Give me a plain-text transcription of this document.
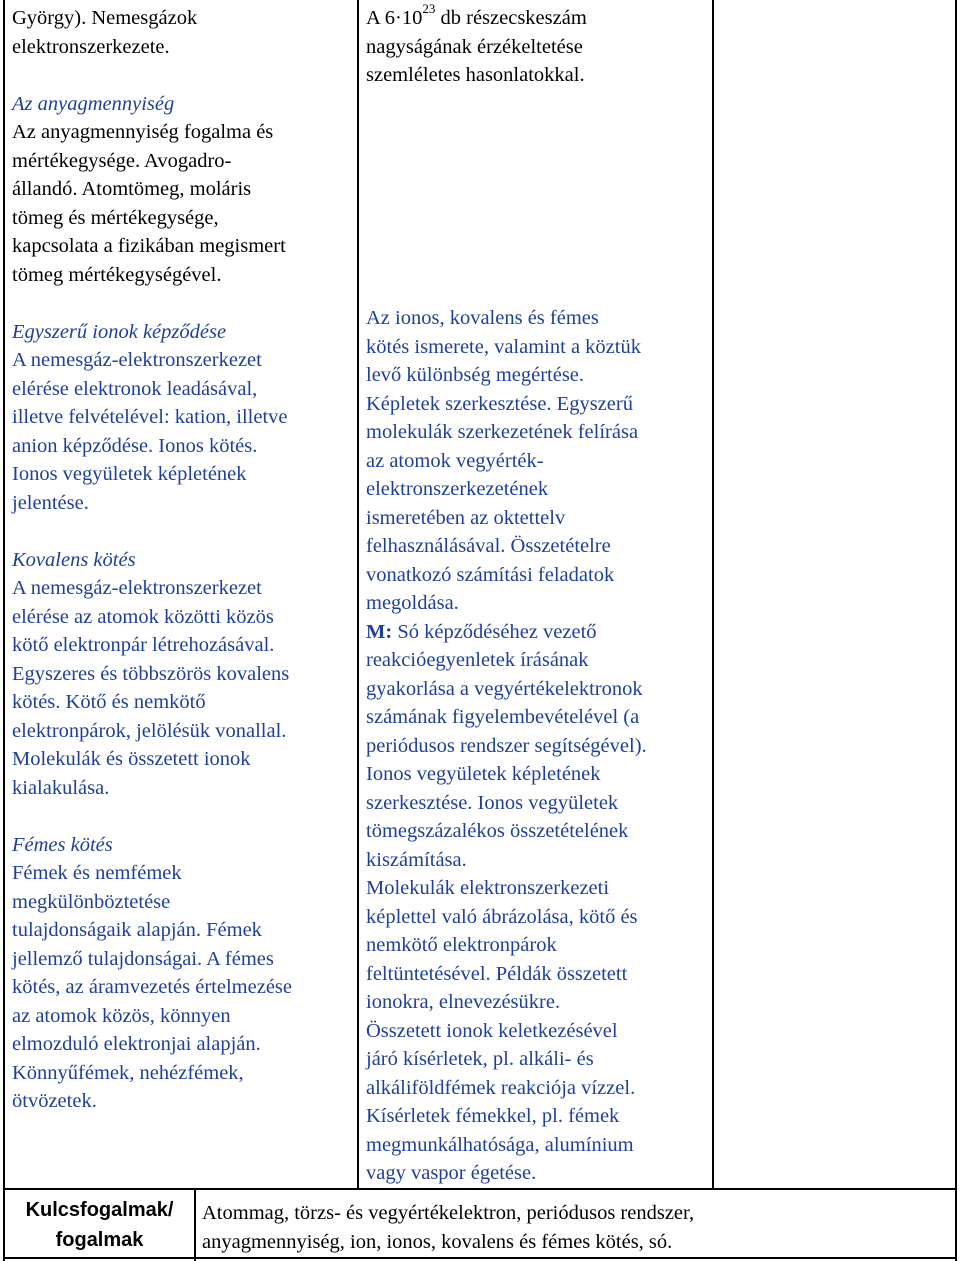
György). Nemesgázok

elektronszerkezete.

Az anyagmennyiség

Az anyagmennyiség fogalma és

mértékegysége. Avogadro-

állandó. Atomtömeg, moláris

tömeg és mértékegysége,

kapcsolata a fizikában megismert

tömeg mértékegységével.

Egyszerű ionok képződése

A nemesgáz-elektronszerkezet

elérése elektronok leadásával,

illetve felvételével: kation, illetve

anion képződése. Ionos kötés.

Ionos vegyületek képletének

jelentése.

Kovalens kötés

A nemesgáz-elektronszerkezet

elérése az atomok közötti közös

kötő elektronpár létrehozásával.

Egyszeres és többszörös kovalens

kötés. Kötő és nemkötő

elektronpárok, jelölésük vonallal.

Molekulák és összetett ionok

kialakulása.

Fémes kötés

Fémek és nemfémek

megkülönböztetése

tulajdonságaik alapján. Fémek

jellemző tulajdonságai. A fémes

kötés, az áramvezetés értelmezése

az atomok közös, könnyen

elmozduló elektronjai alapján.

Könnyűfémek, nehézfémek,

ötvözetek.

A $6\cdot 10^{23}$ db részecskeszám

nagyságának érzékeltetése

szemléletes hasonlatokkal.

Az ionos, kovalens és fémes

kötés ismerete, valamint a köztük

levő különbség megértése.

Képletek szerkesztése. Egyszerű

molekulák szerkezetének felírása

az atomok vegyérték-

elektronszerkezetének

ismeretében az oktettelv

felhasználásával. Összetételre

vonatkozó számítási feladatok

megoldása.

M: Só képződéséhez vezető

reakcióegyenletek írásának

gyakorlása a vegyértékelektronok

számának figyelembevételével (a

periódusos rendszer segítségével).

Ionos vegyületek képletének

szerkesztése. Ionos vegyületek

tömegszázalékos összetételének

kiszámítása.

Molekulák elektronszerkezeti

képlettel való ábrázolása, kötő és

nemkötő elektronpárok

feltüntetésével. Példák összetett

ionokra, elnevezésükre.

Összetett ionok keletkezésével

járó kísérletek, pl. alkáli- és

alkáliföldfémek reakciója vízzel.

Kísérletek fémekkel, pl. fémek

megmunkálhatósága, alumínium

vagy vaspor égetése.

Kulcsfogalmak/
fogalmak
Atommag, törzs- és vegyértékelektron, periódusos rendszer,
anyagmennyiség, ion, ionos, kovalens és fémes kötés, só.
